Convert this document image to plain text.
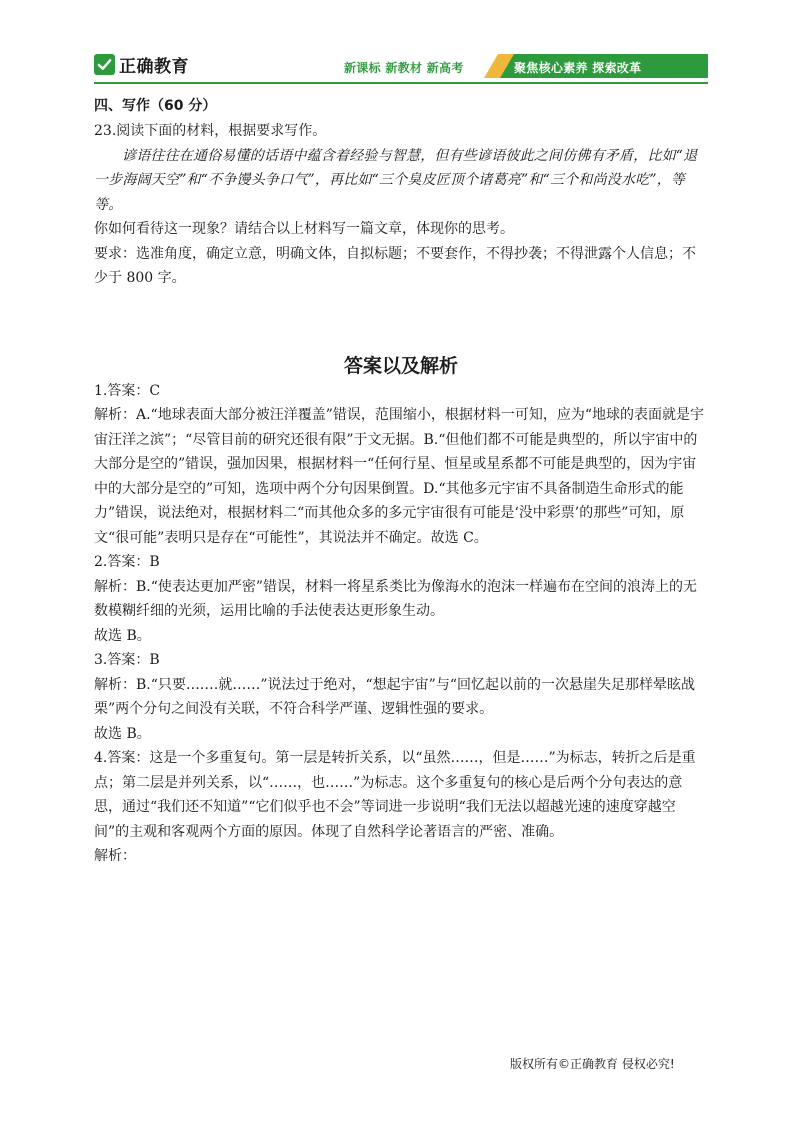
正确教育	新课标 新教材 新高考	聚焦核心素养 探索改革

四、写作（60 分）

23.阅读下面的材料，根据要求写作。

谚语往往在通俗易懂的话语中蕴含着经验与智慧，但有些谚语彼此之间仿佛有矛盾，比如“退一步海阔天空”和“不争馒头争口气”，再比如“三个臭皮匠顶个诸葛亮”和“三个和尚没水吃”，等等。

你如何看待这一现象？请结合以上材料写一篇文章，体现你的思考。

要求：选准角度，确定立意，明确文体，自拟标题；不要套作，不得抄袭；不得泄露个人信息；不少于 800 字。

答案以及解析

1.答案：C

解析：A.“地球表面大部分被汪洋覆盖”错误，范围缩小，根据材料一可知，应为“地球的表面就是宇宙汪洋之滨”；“尽管目前的研究还很有限”于文无据。B.“但他们都不可能是典型的，所以宇宙中的大部分是空的”错误，强加因果，根据材料一“任何行星、恒星或星系都不可能是典型的，因为宇宙中的大部分是空的”可知，选项中两个分句因果倒置。D.“其他多元宇宙不具备制造生命形式的能力”错误，说法绝对，根据材料二“而其他众多的多元宇宙很有可能是‘没中彩票’的那些”可知，原文“很可能”表明只是存在“可能性”，其说法并不确定。故选 C。

2.答案：B

解析：B.“使表达更加严密”错误，材料一将星系类比为像海水的泡沫一样遍布在空间的浪涛上的无数模糊纤细的光须，运用比喻的手法使表达更形象生动。

故选 B。

3.答案：B

解析：B.“只要….…就……”说法过于绝对，“想起宇宙”与“回忆起以前的一次悬崖失足那样晕眩战栗”两个分句之间没有关联，不符合科学严谨、逻辑性强的要求。

故选 B。

4.答案：这是一个多重复句。第一层是转折关系，以“虽然……，但是……”为标志，转折之后是重点；第二层是并列关系，以“……，也……”为标志。这个多重复句的核心是后两个分句表达的意思，通过“我们还不知道”“它们似乎也不会”等词进一步说明“我们无法以超越光速的速度穿越空间”的主观和客观两个方面的原因。体现了自然科学论著语言的严密、准确。

解析：

版权所有©正确教育 侵权必究!
